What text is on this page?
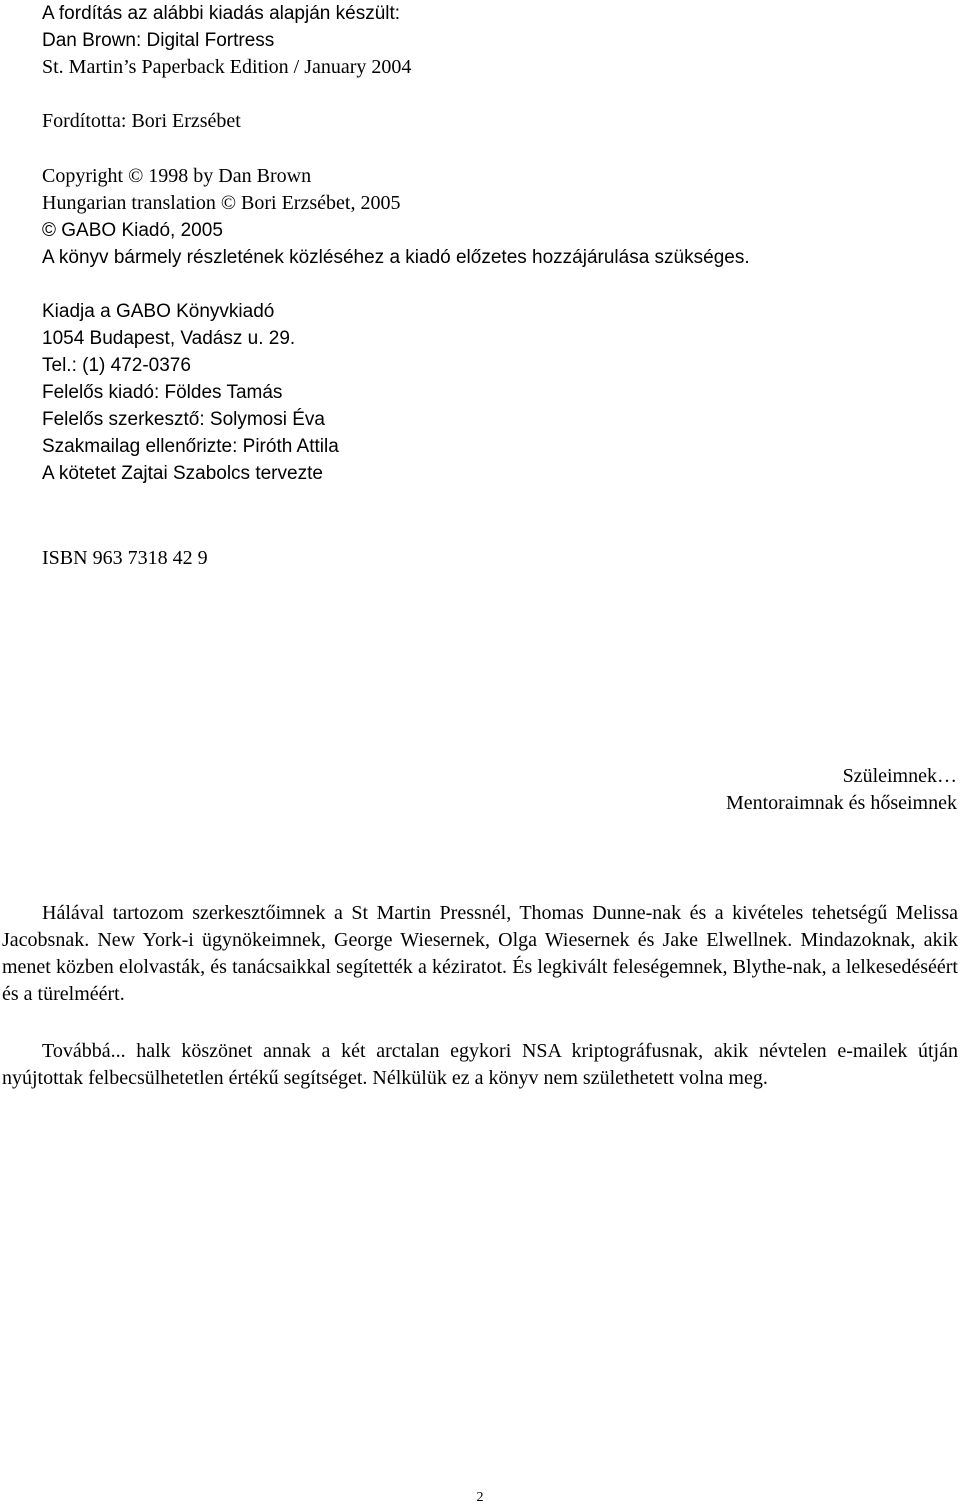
A fordítás az alábbi kiadás alapján készült:
Dan Brown: Digital Fortress
St. Martin’s Paperback Edition / January 2004
Fordította: Bori Erzsébet
Copyright © 1998 by Dan Brown
Hungarian translation © Bori Erzsébet, 2005
© GABO Kiadó, 2005
A könyv bármely részletének közléséhez a kiadó előzetes hozzájárulása szükséges.
Kiadja a GABO Könyvkiadó
1054 Budapest, Vadász u. 29.
Tel.: (1) 472-0376
Felelős kiadó: Földes Tamás
Felelős szerkesztő: Solymosi Éva
Szakmailag ellenőrizte: Piróth Attila
A kötetet Zajtai Szabolcs tervezte
ISBN 963 7318 42 9
Szüleimnek…
Mentoraimnak és hőseimnek
Hálával tartozom szerkesztőimnek a St Martin Pressnél, Thomas Dunne-nak és a kivételes tehetségű Melissa Jacobsnak. New York-i ügynökeimnek, George Wiesernek, Olga Wiesernek és Jake Elwellnek. Mindazoknak, akik menet közben elolvasták, és tanácsaikkal segítették a kéziratot. És legkivált feleségemnek, Blythe-nak, a lelkesedéséért és a türelméért.
Továbbá... halk köszönet annak a két arctalan egykori NSA kriptográfusnak, akik névtelen e-mailek útján nyújtottak felbecsülhetetlen értékű segítséget. Nélkülük ez a könyv nem születhetett volna meg.
2
